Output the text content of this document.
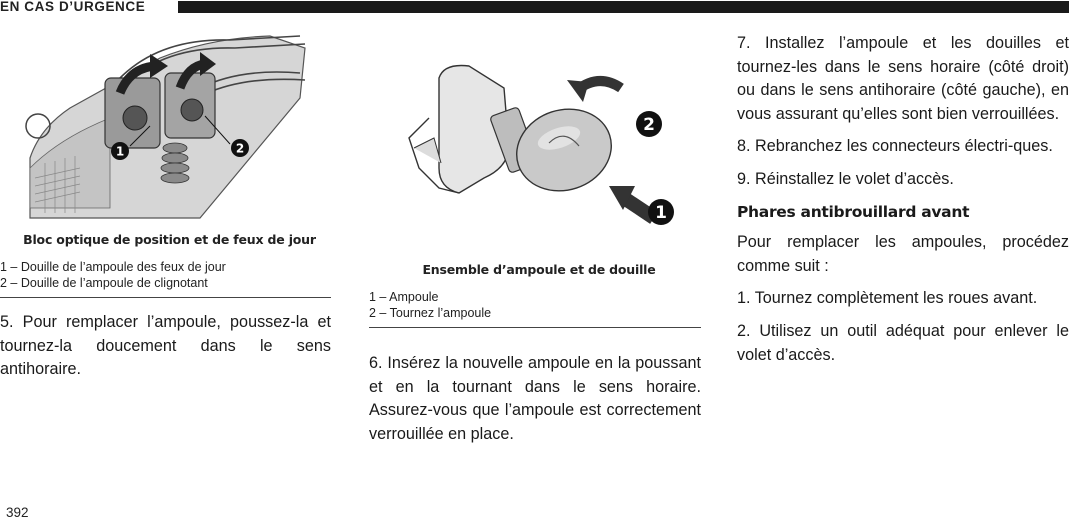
EN CAS D’URGENCE
1	2
Bloc optique de position et de feux de jour
1 – Douille de l’ampoule des feux de jour
2 – Douille de l’ampoule de clignotant

5. Pour remplacer l’ampoule, poussez-la et tournez-la doucement dans le sens antihoraire.

2
1
Ensemble d’ampoule et de douille
1 – Ampoule
2 – Tournez l’ampoule

6. Insérez la nouvelle ampoule en la poussant et en la tournant dans le sens horaire. Assurez-vous que l’ampoule est correctement verrouillée en place.

7. Installez l’ampoule et les douilles et tournez-les dans le sens horaire (côté droit) ou dans le sens antihoraire (côté gauche), en vous assurant qu’elles sont bien verrouillées.

8. Rebranchez les connecteurs électri-ques.

9. Réinstallez le volet d’accès.

Phares antibrouillard avant

Pour remplacer les ampoules, procédez comme suit :

1. Tournez complètement les roues avant.

2. Utilisez un outil adéquat pour enlever le volet d’accès.

392
